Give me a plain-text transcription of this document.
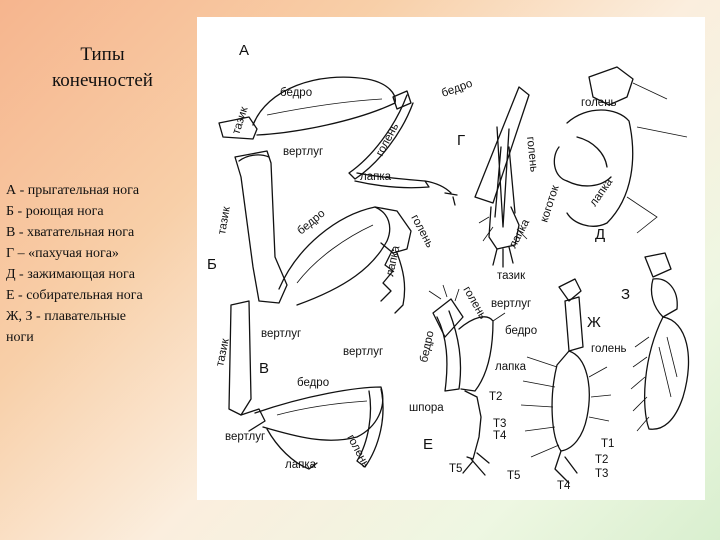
Типы
конечностей
А - прыгательная нога
Б - роющая нога
В - хватательная нога
Г – «пахучая нога»
Д - зажимающая нога
Е - собирательная нога
Ж, З - плавательные
ноги
А
тазик
бедро
вертлуг	голень
лапка
Б
тазик	бедро	голень
лапка
вертлуг
Г
бедро
голень
лапка	Д
голень
коготок лапка
В
тазик
бедро
вертлуг	голень
лапка
Е
вертлуг	бедро
голень
лапка
шпора
Т2
Т3
Т4
Т5
Т5
Ж
тазик
вертлуг
бедро
голень
Т1
Т2
Т3
Т4
З
